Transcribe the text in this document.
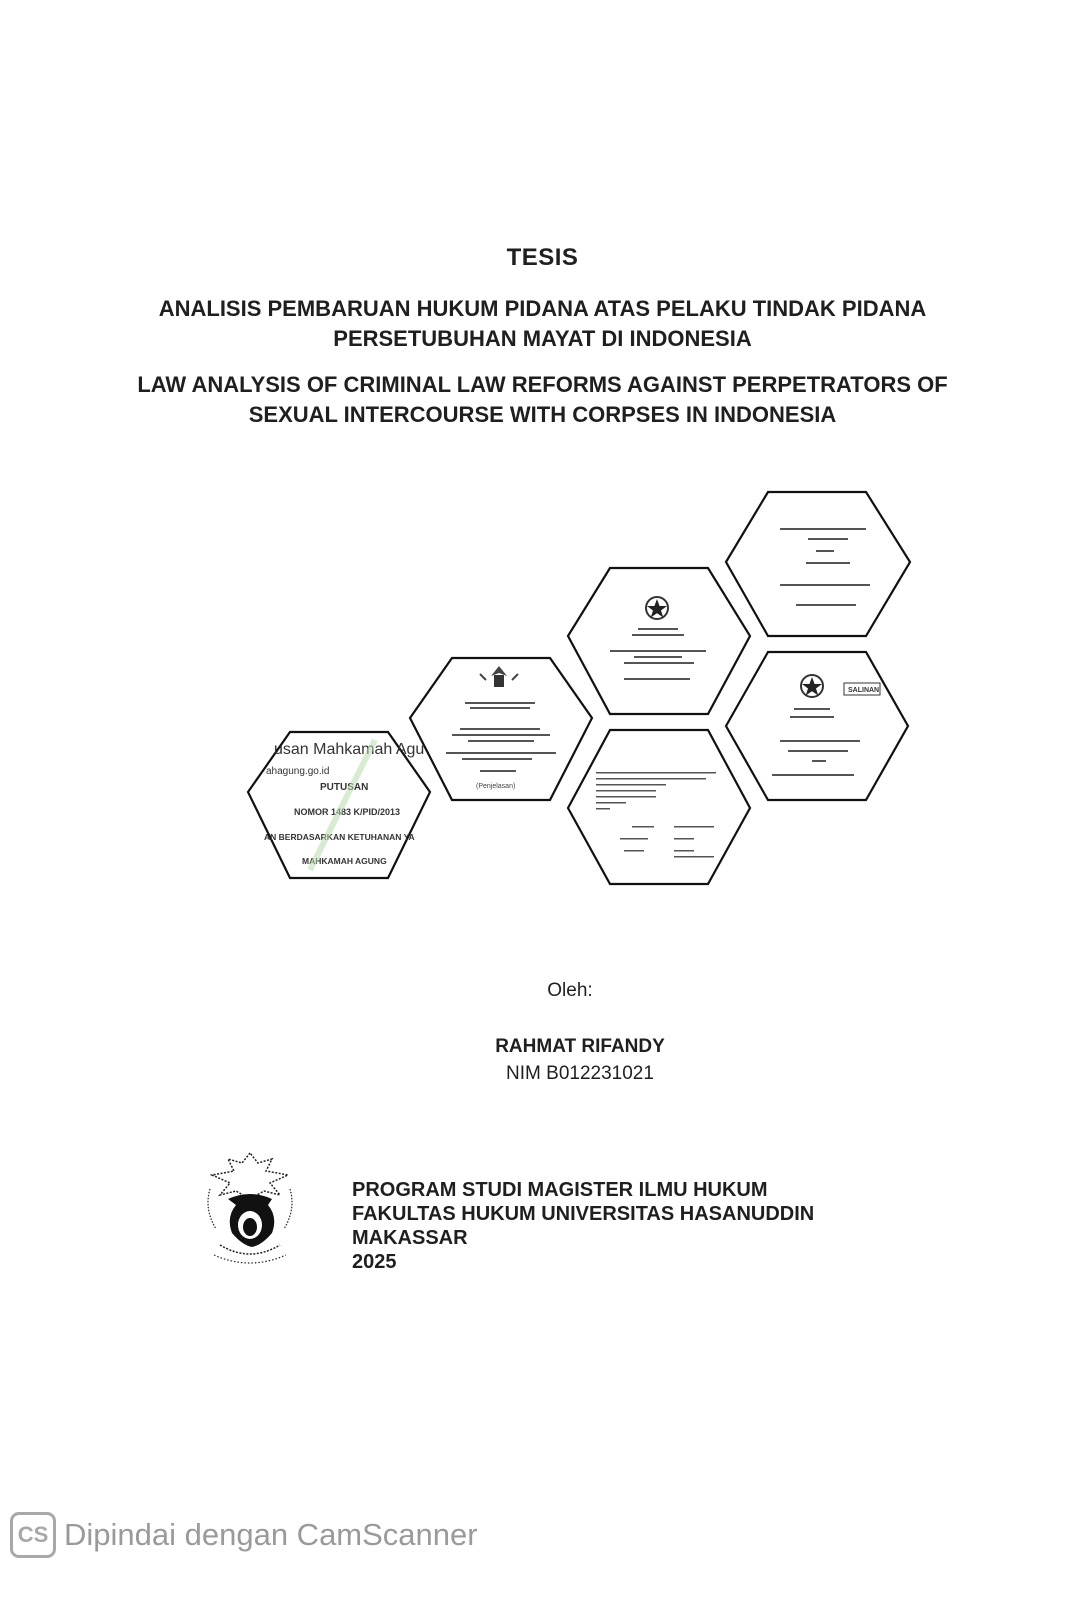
TESIS
ANALISIS PEMBARUAN HUKUM PIDANA ATAS PELAKU TINDAK PIDANA
PERSETUBUHAN MAYAT DI INDONESIA
LAW ANALYSIS OF CRIMINAL LAW REFORMS AGAINST PERPETRATORS OF
SEXUAL INTERCOURSE WITH CORPSES IN INDONESIA
usan Mahkamah Agu
ahagung.go.id
PUTUSAN
NOMOR 1483 K/PID/2013
AN BERDASARKAN KETUHANAN YA
MAHKAMAH AGUNG
(Penjelasan)
SALINAN
Oleh:
RAHMAT RIFANDY
NIM B012231021
PROGRAM STUDI MAGISTER ILMU HUKUM
FAKULTAS HUKUM UNIVERSITAS HASANUDDIN
MAKASSAR
2025
CS Dipindai dengan CamScanner
